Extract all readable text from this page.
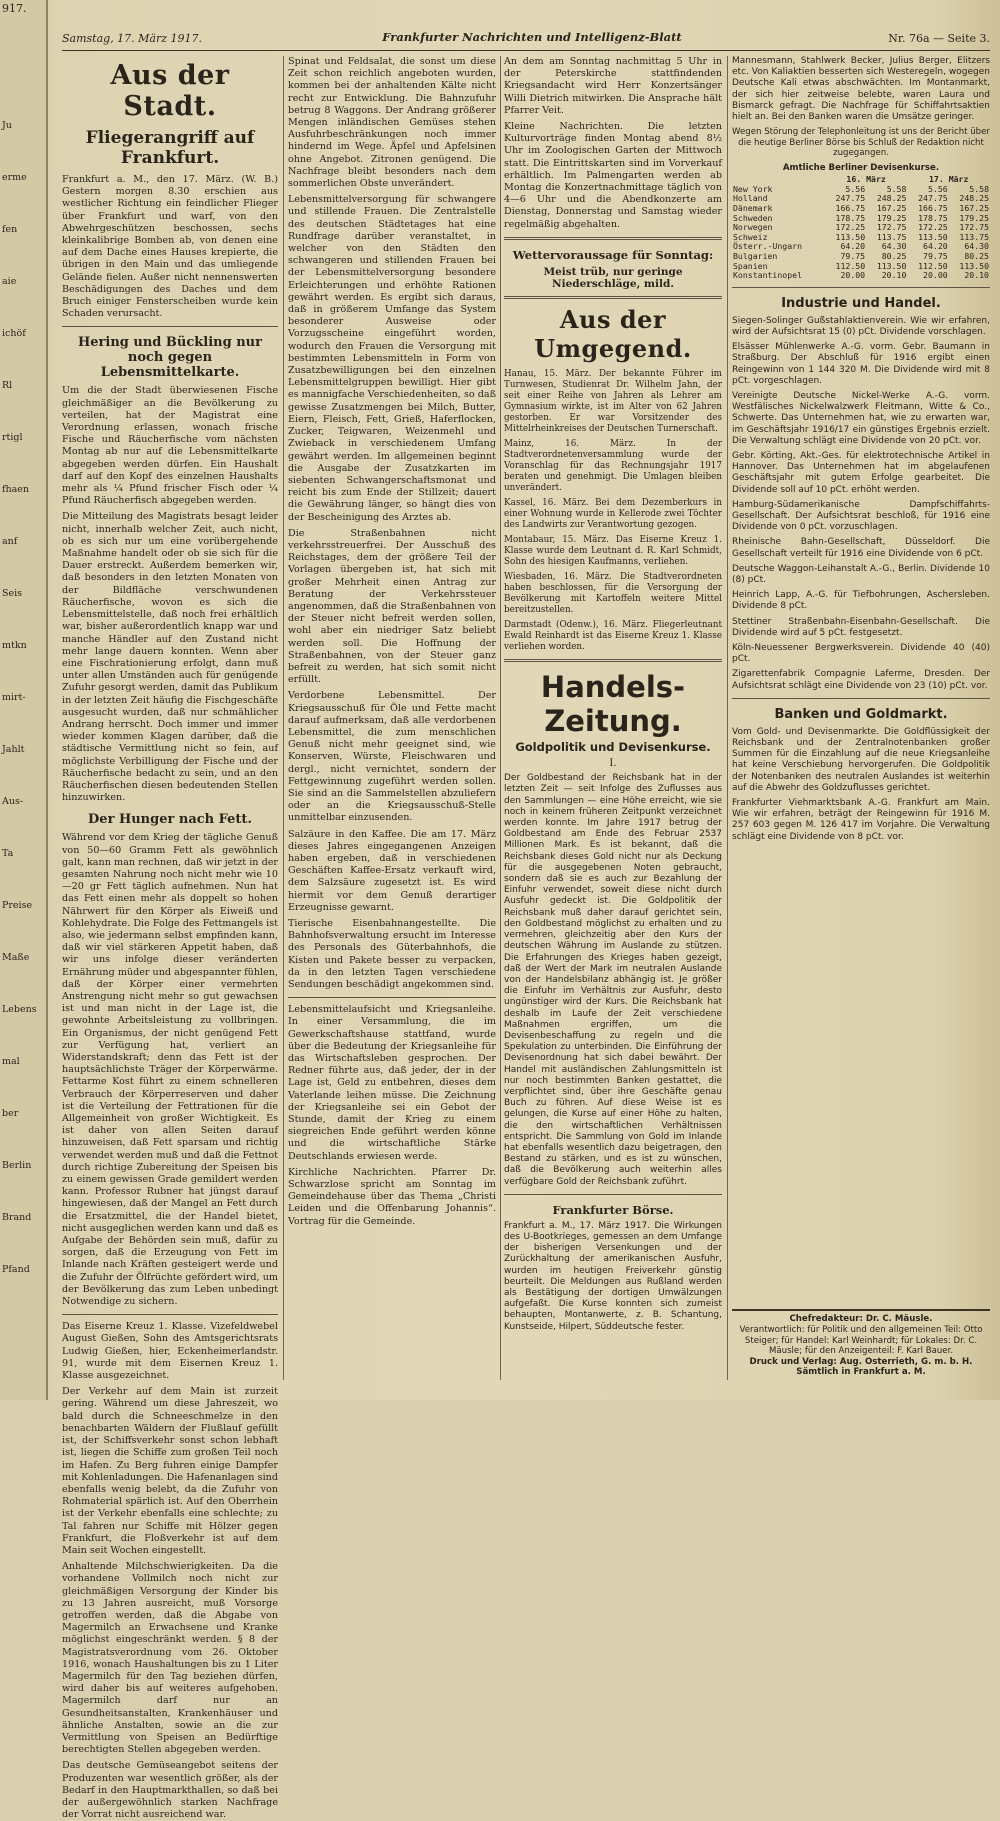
917.
Ju
erme
fen
aie
ichöf
Rl
rtigl
fhaen
anf
Seis
mtkn
mirt-
Jahlt
Aus-
Ta
Preise
Maße
Lebens
mal
ber
Berlin
Brand
Pfand
Samstag, 17. März 1917.	Frankfurter Nachrichten und Intelligenz-Blatt	Nr. 76a — Seite 3.
Aus der Stadt.
Fliegerangriff auf Frankfurt.

Frankfurt a. M., den 17. März. (W. B.) Gestern morgen 8.30 erschien aus westlicher Richtung ein feindlicher Flieger über Frankfurt und warf, von den Abwehrgeschützen beschossen, sechs kleinkalibrige Bomben ab, von denen eine auf dem Dache eines Hauses krepierte, die übrigen in den Main und das umliegende Gelände fielen. Außer nicht nennenswerten Beschädigungen des Daches und dem Bruch einiger Fensterscheiben wurde kein Schaden verursacht.

Hering und Bückling nur noch gegen Lebensmittelkarte.

Um die der Stadt überwiesenen Fische gleichmäßiger an die Bevölkerung zu verteilen, hat der Magistrat eine Verordnung erlassen, wonach frische Fische und Räucherfische vom nächsten Montag ab nur auf die Lebensmittelkarte abgegeben werden dürfen. Ein Haushalt darf auf den Kopf des einzelnen Haushalts mehr als ¼ Pfund frischer Fisch oder ¼ Pfund Räucherfisch abgegeben werden.

Die Mitteilung des Magistrats besagt leider nicht, innerhalb welcher Zeit, auch nicht, ob es sich nur um eine vorübergehende Maßnahme handelt oder ob sie sich für die Dauer erstreckt. Außerdem bemerken wir, daß besonders in den letzten Monaten von der Bildfläche verschwundenen Räucherfische, wovon es sich die Lebensmittelstelle, daß noch frei erhältlich war, bisher außerordentlich knapp war und manche Händler auf den Zustand nicht mehr lange dauern konnten. Wenn aber eine Fischrationierung erfolgt, dann muß unter allen Umständen auch für genügende Zufuhr gesorgt werden, damit das Publikum in der letzten Zeit häufig die Fischgeschäfte ausgesucht wurden, daß nur schmählicher Andrang herrscht. Doch immer und immer wieder kommen Klagen darüber, daß die städtische Vermittlung nicht so fein, auf möglichste Verbilligung der Fische und der Räucherfische bedacht zu sein, und an den Räucherfischen diesen bedeutenden Stellen hinzuwirken.

Der Hunger nach Fett.

Während vor dem Krieg der tägliche Genuß von 50—60 Gramm Fett als gewöhnlich galt, kann man rechnen, daß wir jetzt in der gesamten Nahrung noch nicht mehr wie 10—20 gr Fett täglich aufnehmen. Nun hat das Fett einen mehr als doppelt so hohen Nährwert für den Körper als Eiweiß und Kohlehydrate. Die Folge des Fettmangels ist also, wie jedermann selbst empfinden kann, daß wir viel stärkeren Appetit haben, daß wir uns infolge dieser veränderten Ernährung müder und abgespannter fühlen, daß der Körper einer vermehrten Anstrengung nicht mehr so gut gewachsen ist und man nicht in der Lage ist, die gewohnte Arbeitsleistung zu vollbringen. Ein Organismus, der nicht genügend Fett zur Verfügung hat, verliert an Widerstandskraft; denn das Fett ist der hauptsächlichste Träger der Körperwärme. Fettarme Kost führt zu einem schnelleren Verbrauch der Körperreserven und daher ist die Verteilung der Fettrationen für die Allgemeinheit von großer Wichtigkeit. Es ist daher von allen Seiten darauf hinzuweisen, daß Fett sparsam und richtig verwendet werden muß und daß die Fettnot durch richtige Zubereitung der Speisen bis zu einem gewissen Grade gemildert werden kann. Professor Rubner hat jüngst darauf hingewiesen, daß der Mangel an Fett durch die Ersatzmittel, die der Handel bietet, nicht ausgeglichen werden kann und daß es Aufgabe der Behörden sein muß, dafür zu sorgen, daß die Erzeugung von Fett im Inlande nach Kräften gesteigert werde und die Zufuhr der Ölfrüchte gefördert wird, um der Bevölkerung das zum Leben unbedingt Notwendige zu sichern.

Das Eiserne Kreuz 1. Klasse. Vizefeldwebel August Gießen, Sohn des Amtsgerichtsrats Ludwig Gießen, hier, Eckenheimerlandstr. 91, wurde mit dem Eisernen Kreuz 1. Klasse ausgezeichnet.

Der Verkehr auf dem Main ist zurzeit gering. Während um diese Jahreszeit, wo bald durch die Schneeschmelze in den benachbarten Wäldern der Flußlauf gefüllt ist, der Schiffsverkehr sonst schon lebhaft ist, liegen die Schiffe zum großen Teil noch im Hafen. Zu Berg fuhren einige Dampfer mit Kohlenladungen. Die Hafenanlagen sind ebenfalls wenig belebt, da die Zufuhr von Rohmaterial spärlich ist. Auf den Oberrhein ist der Verkehr ebenfalls eine schlechte; zu Tal fahren nur Schiffe mit Hölzer gegen Frankfurt, die Floßverkehr ist auf dem Main seit Wochen eingestellt.

Anhaltende Milchschwierigkeiten. Da die vorhandene Vollmilch noch nicht zur gleichmäßigen Versorgung der Kinder bis zu 13 Jahren ausreicht, muß Vorsorge getroffen werden, daß die Abgabe von Magermilch an Erwachsene und Kranke möglichst eingeschränkt werden. § 8 der Magistratsverordnung vom 26. Oktober 1916, wonach Haushaltungen bis zu 1 Liter Magermilch für den Tag beziehen dürfen, wird daher bis auf weiteres aufgehoben. Magermilch darf nur an Gesundheitsanstalten, Krankenhäuser und ähnliche Anstalten, sowie an die zur Vermittlung von Speisen an Bedürftige berechtigten Stellen abgegeben werden.

Das deutsche Gemüseangebot seitens der Produzenten war wesentlich größer, als der Bedarf in den Hauptmarkthallen, so daß bei der außergewöhnlich starken Nachfrage der Vorrat nicht ausreichend war.

Spinat und Feldsalat, die sonst um diese Zeit schon reichlich angeboten wurden, kommen bei der anhaltenden Kälte nicht recht zur Entwicklung. Die Bahnzufuhr betrug 8 Waggons. Der Andrang größerer Mengen inländischen Gemüses stehen Ausfuhrbeschränkungen noch immer hindernd im Wege. Äpfel und Apfelsinen ohne Angebot. Zitronen genügend. Die Nachfrage bleibt besonders nach dem sommerlichen Obste unverändert.

Lebensmittelversorgung für schwangere und stillende Frauen. Die Zentralstelle des deutschen Städtetages hat eine Rundfrage darüber veranstaltet, in welcher von den Städten den schwangeren und stillenden Frauen bei der Lebensmittelversorgung besondere Erleichterungen und erhöhte Rationen gewährt werden. Es ergibt sich daraus, daß in größerem Umfange das System besonderer Ausweise oder Vorzugsscheine eingeführt worden, wodurch den Frauen die Versorgung mit bestimmten Lebensmitteln in Form von Zusatzbewilligungen bei den einzelnen Lebensmittelgruppen bewilligt. Hier gibt es mannigfache Verschiedenheiten, so daß gewisse Zusatzmengen bei Milch, Butter, Eiern, Fleisch, Fett, Grieß, Haferflocken, Zucker, Teigwaren, Weizenmehl und Zwieback in verschiedenem Umfang gewährt werden. Im allgemeinen beginnt die Ausgabe der Zusatzkarten im siebenten Schwangerschaftsmonat und reicht bis zum Ende der Stillzeit; dauert die Gewährung länger, so hängt dies von der Bescheinigung des Arztes ab.

Die Straßenbahnen nicht verkehrsstreuerfrei. Der Ausschuß des Reichstages, dem der größere Teil der Vorlagen übergeben ist, hat sich mit großer Mehrheit einen Antrag zur Beratung der Verkehrssteuer angenommen, daß die Straßenbahnen von der Steuer nicht befreit werden sollen, wohl aber ein niedriger Satz beliebt werden soll. Die Hoffnung der Straßenbahnen, von der Steuer ganz befreit zu werden, hat sich somit nicht erfüllt.

Verdorbene Lebensmittel. Der Kriegsausschuß für Öle und Fette macht darauf aufmerksam, daß alle verdorbenen Lebensmittel, die zum menschlichen Genuß nicht mehr geeignet sind, wie Konserven, Würste, Fleischwaren und dergl., nicht vernichtet, sondern der Fettgewinnung zugeführt werden sollen. Sie sind an die Sammelstellen abzuliefern oder an die Kriegsausschuß-Stelle unmittelbar einzusenden.

Salzäure in den Kaffee. Die am 17. März dieses Jahres eingegangenen Anzeigen haben ergeben, daß in verschiedenen Geschäften Kaffee-Ersatz verkauft wird, dem Salzsäure zugesetzt ist. Es wird hiermit vor dem Genuß derartiger Erzeugnisse gewarnt.

Tierische Eisenbahnangestellte. Die Bahnhofsverwaltung ersucht im Interesse des Personals des Güterbahnhofs, die Kisten und Pakete besser zu verpacken, da in den letzten Tagen verschiedene Sendungen beschädigt angekommen sind.

Lebensmittelaufsicht und Kriegsanleihe. In einer Versammlung, die im Gewerkschaftshause stattfand, wurde über die Bedeutung der Kriegsanleihe für das Wirtschaftsleben gesprochen. Der Redner führte aus, daß jeder, der in der Lage ist, Geld zu entbehren, dieses dem Vaterlande leihen müsse. Die Zeichnung der Kriegsanleihe sei ein Gebot der Stunde, damit der Krieg zu einem siegreichen Ende geführt werden könne und die wirtschaftliche Stärke Deutschlands erwiesen werde.

Kirchliche Nachrichten. Pfarrer Dr. Schwarzlose spricht am Sonntag im Gemeindehause über das Thema „Christi Leiden und die Offenbarung Johannis“. Vortrag für die Gemeinde.

An dem am Sonntag nachmittag 5 Uhr in der Peterskirche stattfindenden Kriegsandacht wird Herr Konzertsänger Willi Dietrich mitwirken. Die Ansprache hält Pfarrer Veit.

Kleine Nachrichten. Die letzten Kulturvorträge finden Montag abend 8½ Uhr im Zoologischen Garten der Mittwoch statt. Die Eintrittskarten sind im Vorverkauf erhältlich. Im Palmengarten werden ab Montag die Konzertnachmittage täglich von 4—6 Uhr und die Abendkonzerte am Dienstag, Donnerstag und Samstag wieder regelmäßig abgehalten.

Wettervoraussage für Sonntag:

Meist trüb, nur geringe Niederschläge, mild.

Aus der Umgegend.

Hanau, 15. März. Der bekannte Führer im Turnwesen, Studienrat Dr. Wilhelm Jahn, der seit einer Reihe von Jahren als Lehrer am Gymnasium wirkte, ist im Alter von 62 Jahren gestorben. Er war Vorsitzender des Mittelrheinkreises der Deutschen Turnerschaft.

Mainz, 16. März. In der Stadtverordnetenversammlung wurde der Voranschlag für das Rechnungsjahr 1917 beraten und genehmigt. Die Umlagen bleiben unverändert.

Kassel, 16. März. Bei dem Dezemberkurs in einer Wohnung wurde in Kellerode zwei Töchter des Landwirts zur Verantwortung gezogen.

Montabaur, 15. März. Das Eiserne Kreuz 1. Klasse wurde dem Leutnant d. R. Karl Schmidt, Sohn des hiesigen Kaufmanns, verliehen.

Wiesbaden, 16. März. Die Stadtverordneten haben beschlossen, für die Versorgung der Bevölkerung mit Kartoffeln weitere Mittel bereitzustellen.

Darmstadt (Odenw.), 16. März. Fliegerleutnant Ewald Reinhardt ist das Eiserne Kreuz 1. Klasse verliehen worden.

Handels-Zeitung.
Goldpolitik und Devisenkurse.
I.

Der Goldbestand der Reichsbank hat in der letzten Zeit — seit Infolge des Zuflusses aus den Sammlungen — eine Höhe erreicht, wie sie noch in keinem früheren Zeitpunkt verzeichnet werden konnte. Im Jahre 1917 betrug der Goldbestand am Ende des Februar 2537 Millionen Mark. Es ist bekannt, daß die Reichsbank dieses Gold nicht nur als Deckung für die ausgegebenen Noten gebraucht, sondern daß sie es auch zur Bezahlung der Einfuhr verwendet, soweit diese nicht durch Ausfuhr gedeckt ist. Die Goldpolitik der Reichsbank muß daher darauf gerichtet sein, den Goldbestand möglichst zu erhalten und zu vermehren, gleichzeitig aber den Kurs der deutschen Währung im Auslande zu stützen. Die Erfahrungen des Krieges haben gezeigt, daß der Wert der Mark im neutralen Auslande von der Handelsbilanz abhängig ist. Je größer die Einfuhr im Verhältnis zur Ausfuhr, desto ungünstiger wird der Kurs. Die Reichsbank hat deshalb im Laufe der Zeit verschiedene Maßnahmen ergriffen, um die Devisenbeschaffung zu regeln und die Spekulation zu unterbinden. Die Einführung der Devisenordnung hat sich dabei bewährt. Der Handel mit ausländischen Zahlungsmitteln ist nur noch bestimmten Banken gestattet, die verpflichtet sind, über ihre Geschäfte genau Buch zu führen. Auf diese Weise ist es gelungen, die Kurse auf einer Höhe zu halten, die den wirtschaftlichen Verhältnissen entspricht. Die Sammlung von Gold im Inlande hat ebenfalls wesentlich dazu beigetragen, den Bestand zu stärken, und es ist zu wünschen, daß die Bevölkerung auch weiterhin alles verfügbare Gold der Reichsbank zuführt.

Frankfurter Börse.

Frankfurt a. M., 17. März 1917. Die Wirkungen des U-Bootkrieges, gemessen an dem Umfange der bisherigen Versenkungen und der Zurückhaltung der amerikanischen Ausfuhr, wurden im heutigen Freiverkehr günstig beurteilt. Die Meldungen aus Rußland werden als Bestätigung der dortigen Umwälzungen aufgefaßt. Die Kurse konnten sich zumeist behaupten, Montanwerte, z. B. Schantung, Kunstseide, Hilpert, Süddeutsche fester.

Mannesmann, Stahlwerk Becker, Julius Berger, Elitzers etc. Von Kaliaktien besserten sich Westeregeln, wogegen Deutsche Kali etwas abschwächten. Im Montanmarkt, der sich hier zeitweise belebte, waren Laura und Bismarck gefragt. Die Nachfrage für Schiffahrtsaktien hielt an. Bei den Banken waren die Umsätze geringer.

Wegen Störung der Telephonleitung ist uns der Bericht über die heutige Berliner Börse bis Schluß der Redaktion nicht zugegangen.
Amtliche Berliner Devisenkurse.
	16. März		17. März	
New York	5.56	5.58	5.56	5.58
Holland	247.75	248.25	247.75	248.25
Dänemark	166.75	167.25	166.75	167.25
Schweden	178.75	179.25	178.75	179.25
Norwegen	172.25	172.75	172.25	172.75
Schweiz	113.50	113.75	113.50	113.75
Österr.-Ungarn	64.20	64.30	64.20	64.30
Bulgarien	79.75	80.25	79.75	80.25
Spanien	112.50	113.50	112.50	113.50
Konstantinopel	20.00	20.10	20.00	20.10
Industrie und Handel.

Siegen-Solinger Gußstahlaktienverein. Wie wir erfahren, wird der Aufsichtsrat 15 (0) pCt. Dividende vorschlagen.

Elsässer Mühlenwerke A.-G. vorm. Gebr. Baumann in Straßburg. Der Abschluß für 1916 ergibt einen Reingewinn von 1 144 320 M. Die Dividende wird mit 8 pCt. vorgeschlagen.

Vereinigte Deutsche Nickel-Werke A.-G. vorm. Westfälisches Nickelwalzwerk Fleitmann, Witte & Co., Schwerte. Das Unternehmen hat, wie zu erwarten war, im Geschäftsjahr 1916/17 ein günstiges Ergebnis erzielt. Die Verwaltung schlägt eine Dividende von 20 pCt. vor.

Gebr. Körting, Akt.-Ges. für elektrotechnische Artikel in Hannover. Das Unternehmen hat im abgelaufenen Geschäftsjahr mit gutem Erfolge gearbeitet. Die Dividende soll auf 10 pCt. erhöht werden.

Hamburg-Südamerikanische Dampfschiffahrts-Gesellschaft. Der Aufsichtsrat beschloß, für 1916 eine Dividende von 0 pCt. vorzuschlagen.

Rheinische Bahn-Gesellschaft, Düsseldorf. Die Gesellschaft verteilt für 1916 eine Dividende von 6 pCt.

Deutsche Waggon-Leihanstalt A.-G., Berlin. Dividende 10 (8) pCt.

Heinrich Lapp, A.-G. für Tiefbohrungen, Aschersleben. Dividende 8 pCt.

Stettiner Straßenbahn-Eisenbahn-Gesellschaft. Die Dividende wird auf 5 pCt. festgesetzt.

Köln-Neuessener Bergwerksverein. Dividende 40 (40) pCt.

Zigarettenfabrik Compagnie Laferme, Dresden. Der Aufsichtsrat schlägt eine Dividende von 23 (10) pCt. vor.

Banken und Goldmarkt.

Vom Gold- und Devisenmarkte. Die Goldflüssigkeit der Reichsbank und der Zentralnotenbanken großer Summen für die Einzahlung auf die neue Kriegsanleihe hat keine Verschiebung hervorgerufen. Die Goldpolitik der Notenbanken des neutralen Auslandes ist weiterhin auf die Abwehr des Goldzuflusses gerichtet.

Frankfurter Viehmarktsbank A.-G. Frankfurt am Main. Wie wir erfahren, beträgt der Reingewinn für 1916 M. 257 603 gegen M. 126 417 im Vorjahre. Die Verwaltung schlägt eine Dividende von 8 pCt. vor.

Chefredakteur: Dr. C. Mäusle.

Verantwortlich: für Politik und den allgemeinen Teil: Otto Steiger; für Handel: Karl Weinhardt; für Lokales: Dr. C. Mäusle; für den Anzeigenteil: F. Karl Bauer.

Druck und Verlag: Aug. Osterrieth, G. m. b. H. Sämtlich in Frankfurt a. M.
